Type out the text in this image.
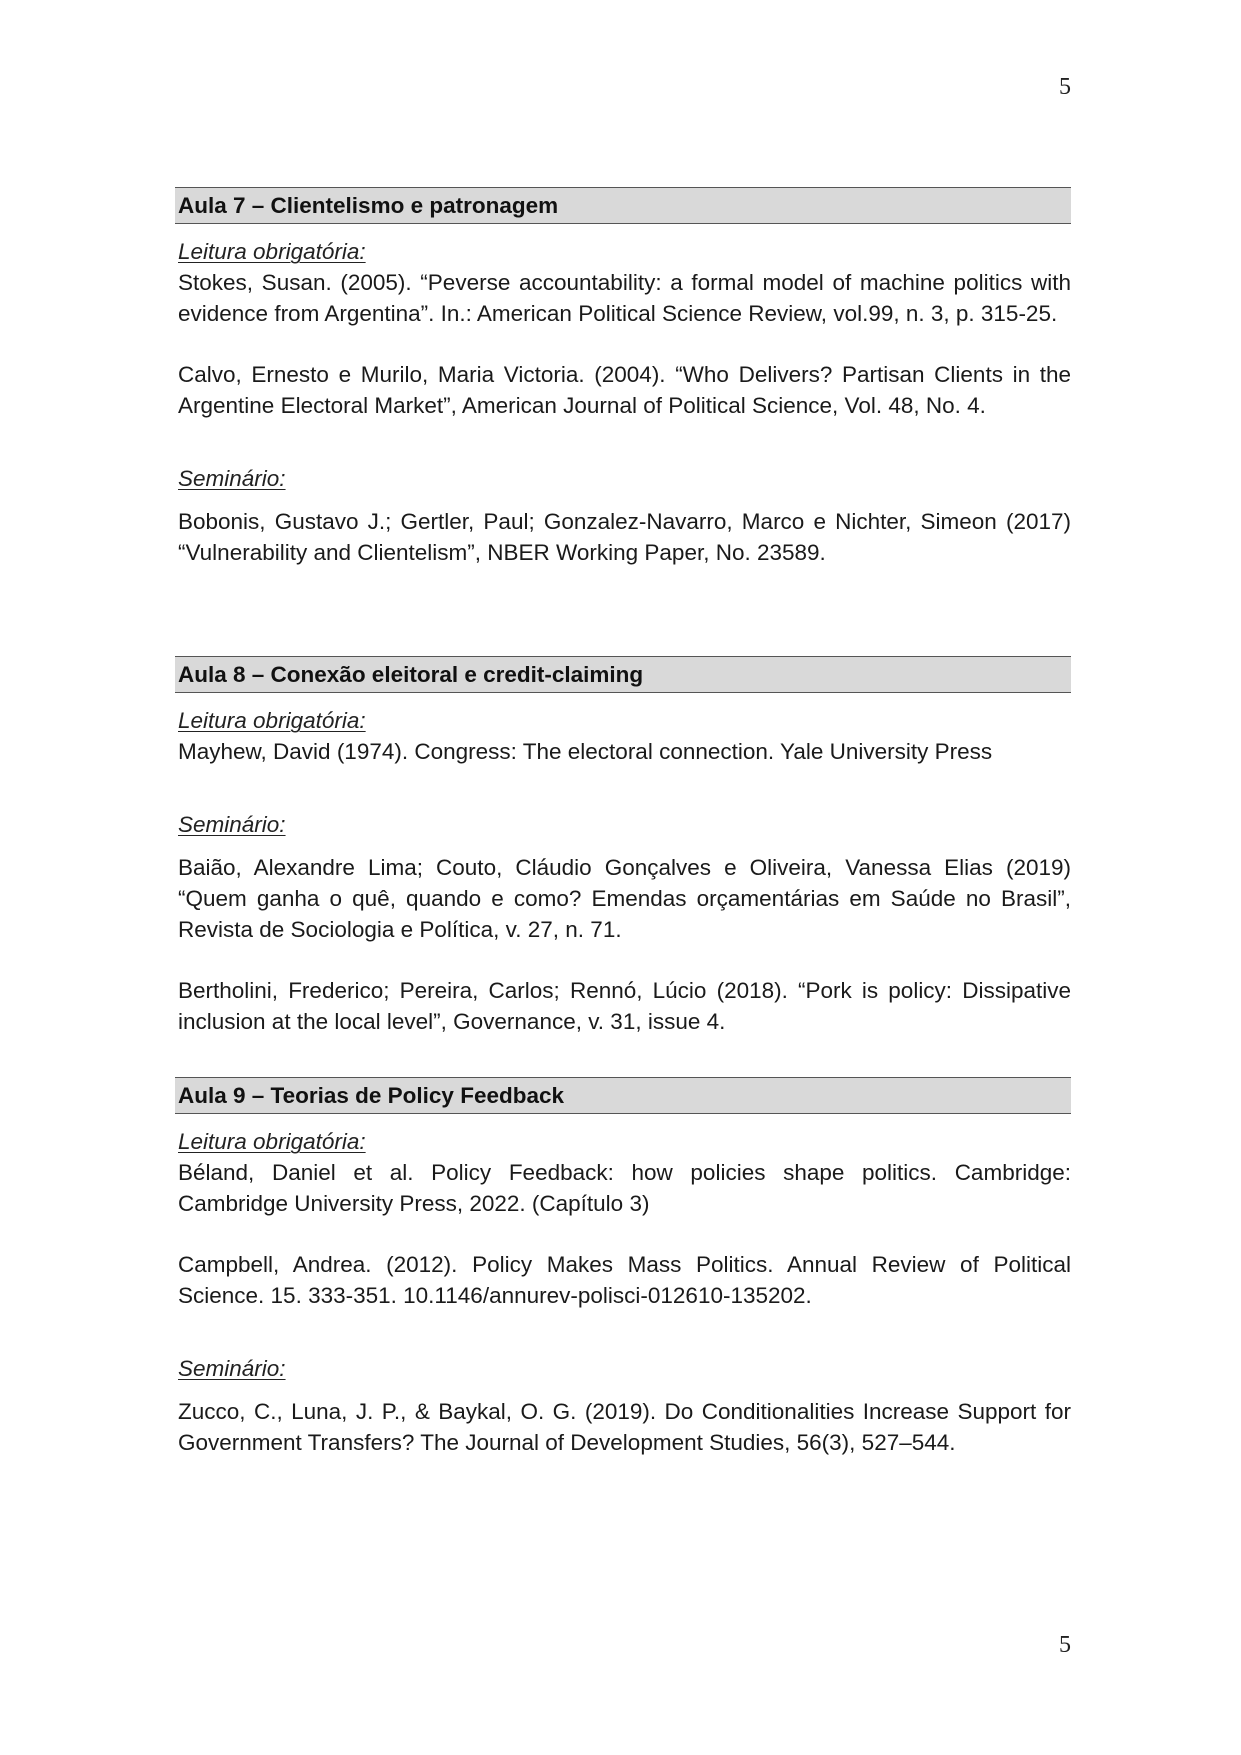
5
Aula 7 – Clientelismo e patronagem
Leitura obrigatória:

Stokes, Susan. (2005). “Peverse accountability: a formal model of machine politics with evidence from Argentina”. In.: American Political Science Review, vol.99, n. 3, p. 315-25.

Calvo, Ernesto e Murilo, Maria Victoria. (2004). “Who Delivers? Partisan Clients in the Argentine Electoral Market”, American Journal of Political Science, Vol. 48, No. 4.

Seminário:

Bobonis, Gustavo J.; Gertler, Paul; Gonzalez-Navarro, Marco e Nichter, Simeon (2017) “Vulnerability and Clientelism”, NBER Working Paper, No. 23589.

Aula 8 – Conexão eleitoral e credit-claiming
Leitura obrigatória:

Mayhew, David (1974). Congress: The electoral connection. Yale University Press

Seminário:

Baião, Alexandre Lima; Couto, Cláudio Gonçalves e Oliveira, Vanessa Elias (2019) “Quem ganha o quê, quando e como? Emendas orçamentárias em Saúde no Brasil”, Revista de Sociologia e Política, v. 27, n. 71.

Bertholini, Frederico; Pereira, Carlos; Rennó, Lúcio (2018). “Pork is policy: Dissipative inclusion at the local level”, Governance, v. 31, issue 4.

Aula 9 – Teorias de Policy Feedback
Leitura obrigatória:

Béland, Daniel et al. Policy Feedback: how policies shape politics. Cambridge: Cambridge University Press, 2022. (Capítulo 3)

Campbell, Andrea. (2012). Policy Makes Mass Politics. Annual Review of Political Science. 15. 333-351. 10.1146/annurev-polisci-012610-135202.

Seminário:

Zucco, C., Luna, J. P., & Baykal, O. G. (2019). Do Conditionalities Increase Support for Government Transfers? The Journal of Development Studies, 56(3), 527–544.

5
